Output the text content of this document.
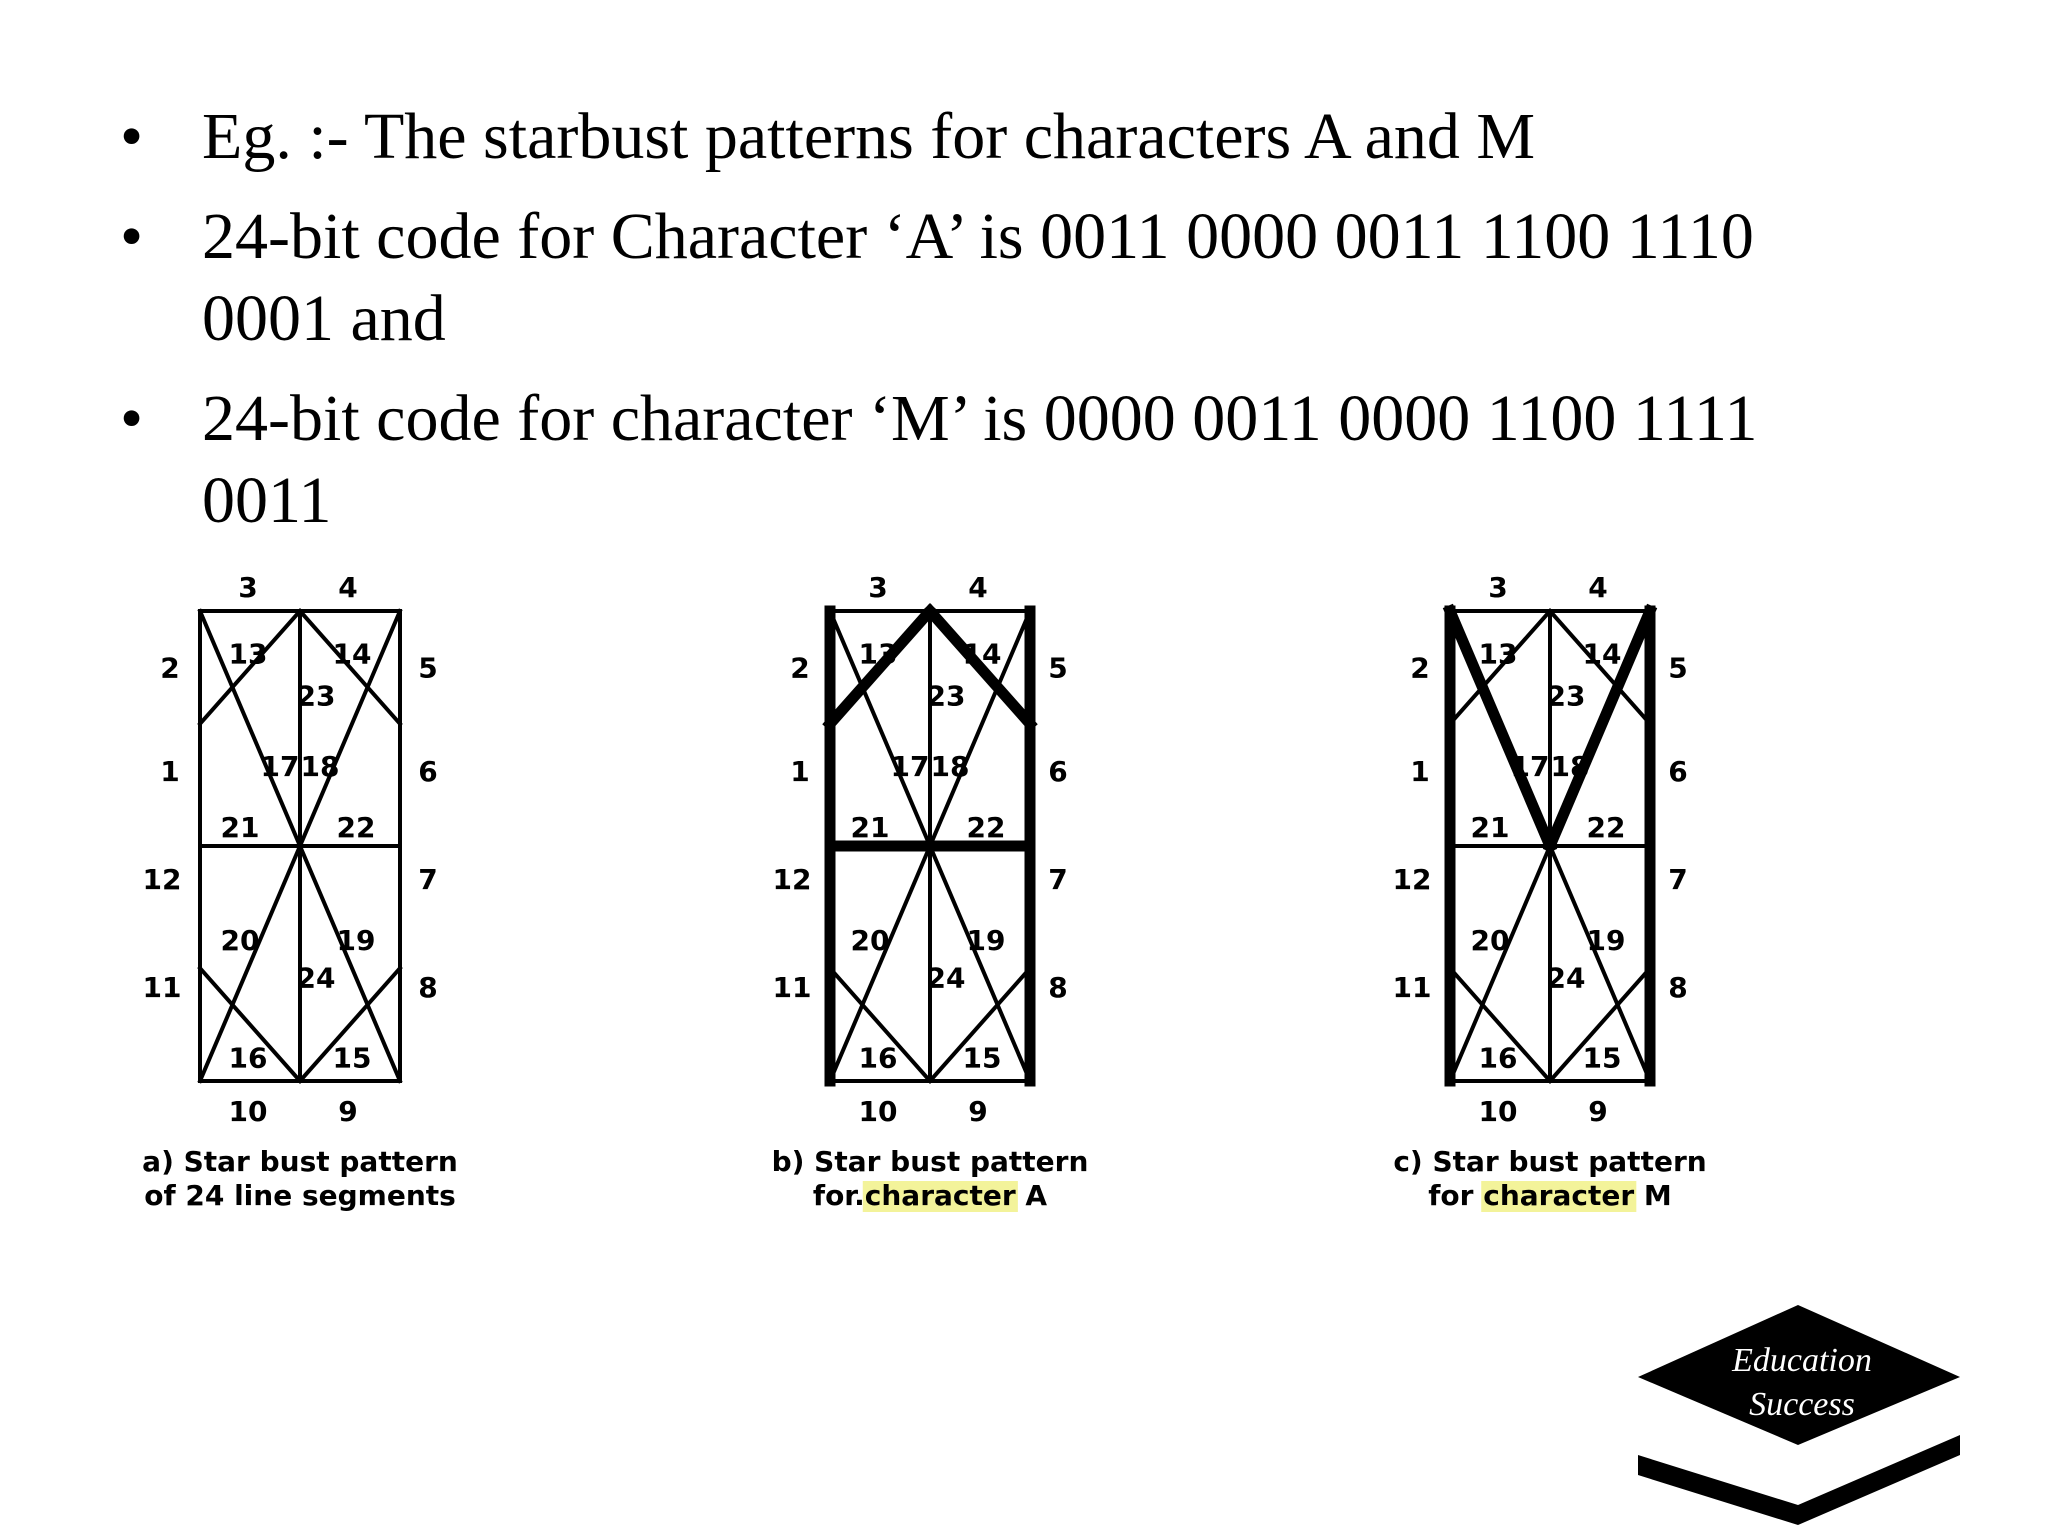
• Eg. :- The starbust patterns for characters A and M
• 24-bit code for Character ‘A’ is 0011 0000 0011 1100 1110 0001 and
• 24-bit code for character ‘M’ is 0000 0011 0000 1100 1111 0011
1
2
3	4
5
6
7
8
9
10
11
12
13 14
15
16
17 18
19
20
21	22
23
24
a) Star bust pattern
of 24 line segments
1
2
3	4
5
6
7
8
9
10
11
12
13 14
15
16
17 18
19
20
21	22
23
24
b) Star bust pattern
for.character A
1
2
3	4
5
6
7
8
9
10
11
12
13 14
15
16
17 18
19
20
21	22
23
24
c) Star bust pattern
for character M
Education
Success
